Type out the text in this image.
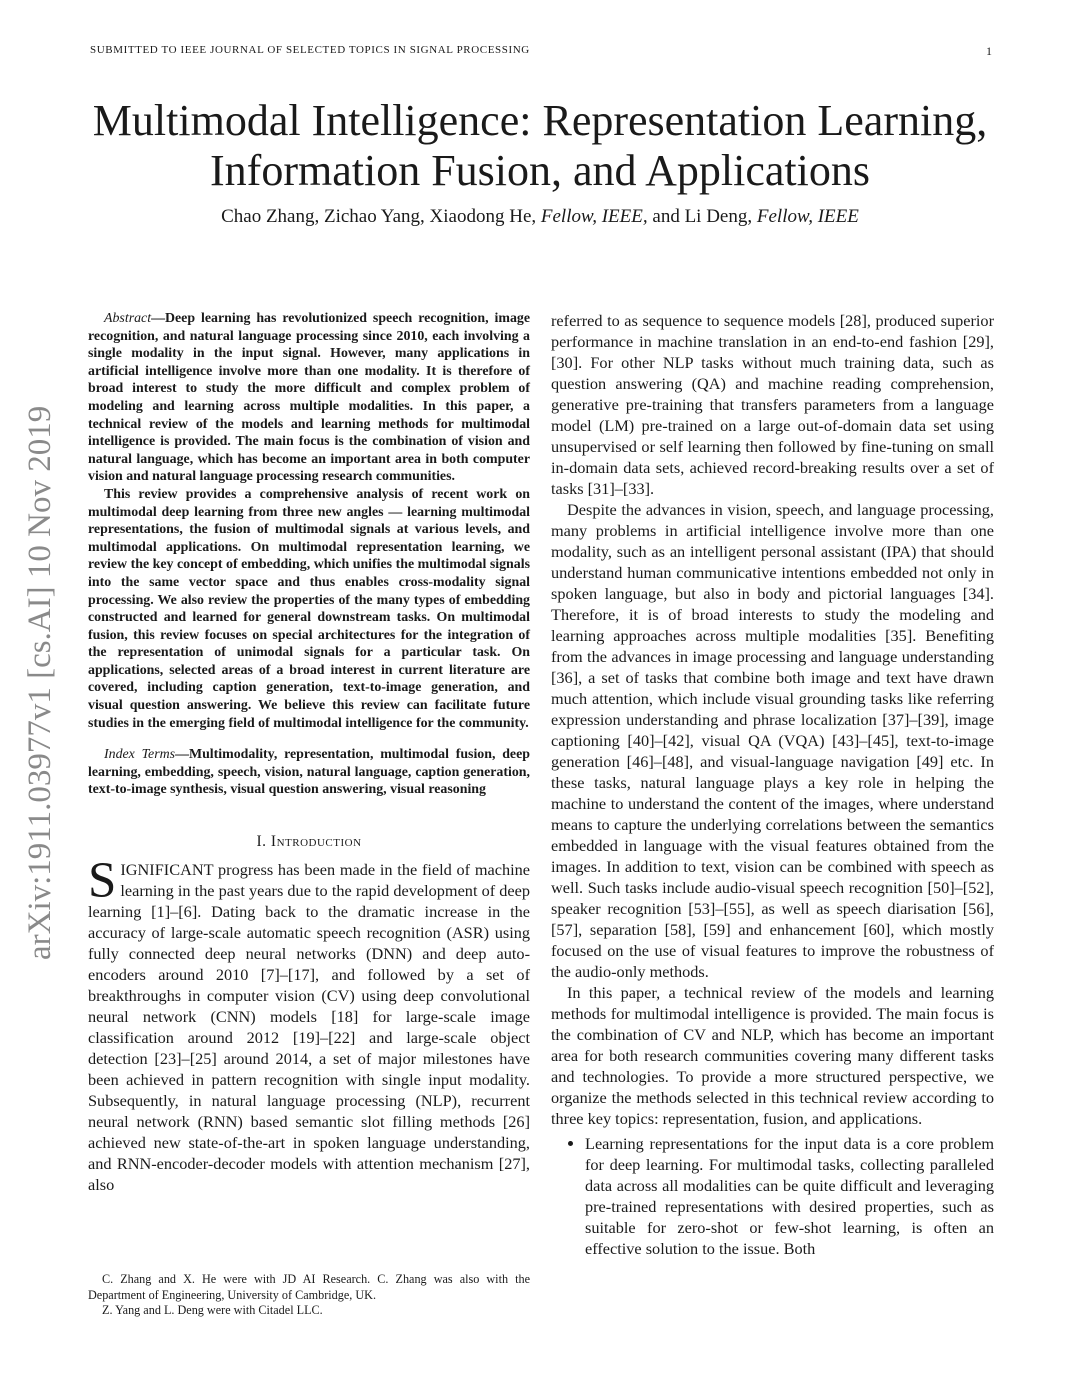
SUBMITTED TO IEEE JOURNAL OF SELECTED TOPICS IN SIGNAL PROCESSING	1
arXiv:1911.03977v1 [cs.AI] 10 Nov 2019
Multimodal Intelligence: Representation Learning,
Information Fusion, and Applications
Chao Zhang, Zichao Yang, Xiaodong He, Fellow, IEEE, and Li Deng, Fellow, IEEE

Abstract—Deep learning has revolutionized speech recognition, image recognition, and natural language processing since 2010, each involving a single modality in the input signal. However, many applications in artificial intelligence involve more than one modality. It is therefore of broad interest to study the more difficult and complex problem of modeling and learning across multiple modalities. In this paper, a technical review of the models and learning methods for multimodal intelligence is provided. The main focus is the combination of vision and natural language, which has become an important area in both computer vision and natural language processing research communities.

This review provides a comprehensive analysis of recent work on multimodal deep learning from three new angles — learning multimodal representations, the fusion of multimodal signals at various levels, and multimodal applications. On multimodal representation learning, we review the key concept of embedding, which unifies the multimodal signals into the same vector space and thus enables cross-modality signal processing. We also review the properties of the many types of embedding constructed and learned for general downstream tasks. On multimodal fusion, this review focuses on special architectures for the integration of the representation of unimodal signals for a particular task. On applications, selected areas of a broad interest in current literature are covered, including caption generation, text-to-image generation, and visual question answering. We believe this review can facilitate future studies in the emerging field of multimodal intelligence for the community.

Index Terms—Multimodality, representation, multimodal fusion, deep learning, embedding, speech, vision, natural language, caption generation, text-to-image synthesis, visual question answering, visual reasoning

I. Introduction

SIGNIFICANT progress has been made in the field of machine learning in the past years due to the rapid development of deep learning [1]–[6]. Dating back to the dramatic increase in the accuracy of large-scale automatic speech recognition (ASR) using fully connected deep neural networks (DNN) and deep auto-encoders around 2010 [7]–[17], and followed by a set of breakthroughs in computer vision (CV) using deep convolutional neural network (CNN) models [18] for large-scale image classification around 2012 [19]–[22] and large-scale object detection [23]–[25] around 2014, a set of major milestones have been achieved in pattern recognition with single input modality. Subsequently, in natural language processing (NLP), recurrent neural network (RNN) based semantic slot filling methods [26] achieved new state-of-the-art in spoken language understanding, and RNN-encoder-decoder models with attention mechanism [27], also

C. Zhang and X. He were with JD AI Research. C. Zhang was also with the Department of Engineering, University of Cambridge, UK.

Z. Yang and L. Deng were with Citadel LLC.

referred to as sequence to sequence models [28], produced superior performance in machine translation in an end-to-end fashion [29], [30]. For other NLP tasks without much training data, such as question answering (QA) and machine reading comprehension, generative pre-training that transfers parameters from a language model (LM) pre-trained on a large out-of-domain data set using unsupervised or self learning then followed by fine-tuning on small in-domain data sets, achieved record-breaking results over a set of tasks [31]–[33].

Despite the advances in vision, speech, and language processing, many problems in artificial intelligence involve more than one modality, such as an intelligent personal assistant (IPA) that should understand human communicative intentions embedded not only in spoken language, but also in body and pictorial languages [34]. Therefore, it is of broad interests to study the modeling and learning approaches across multiple modalities [35]. Benefiting from the advances in image processing and language understanding [36], a set of tasks that combine both image and text have drawn much attention, which include visual grounding tasks like referring expression understanding and phrase localization [37]–[39], image captioning [40]–[42], visual QA (VQA) [43]–[45], text-to-image generation [46]–[48], and visual-language navigation [49] etc. In these tasks, natural language plays a key role in helping the machine to understand the content of the images, where understand means to capture the underlying correlations between the semantics embedded in language with the visual features obtained from the images. In addition to text, vision can be combined with speech as well. Such tasks include audio-visual speech recognition [50]–[52], speaker recognition [53]–[55], as well as speech diarisation [56], [57], separation [58], [59] and enhancement [60], which mostly focused on the use of visual features to improve the robustness of the audio-only methods.

In this paper, a technical review of the models and learning methods for multimodal intelligence is provided. The main focus is the combination of CV and NLP, which has become an important area for both research communities covering many different tasks and technologies. To provide a more structured perspective, we organize the methods selected in this technical review according to three key topics: representation, fusion, and applications.

• Learning representations for the input data is a core problem for deep learning. For multimodal tasks, collecting paralleled data across all modalities can be quite difficult and leveraging pre-trained representations with desired properties, such as suitable for zero-shot or few-shot learning, is often an effective solution to the issue. Both
